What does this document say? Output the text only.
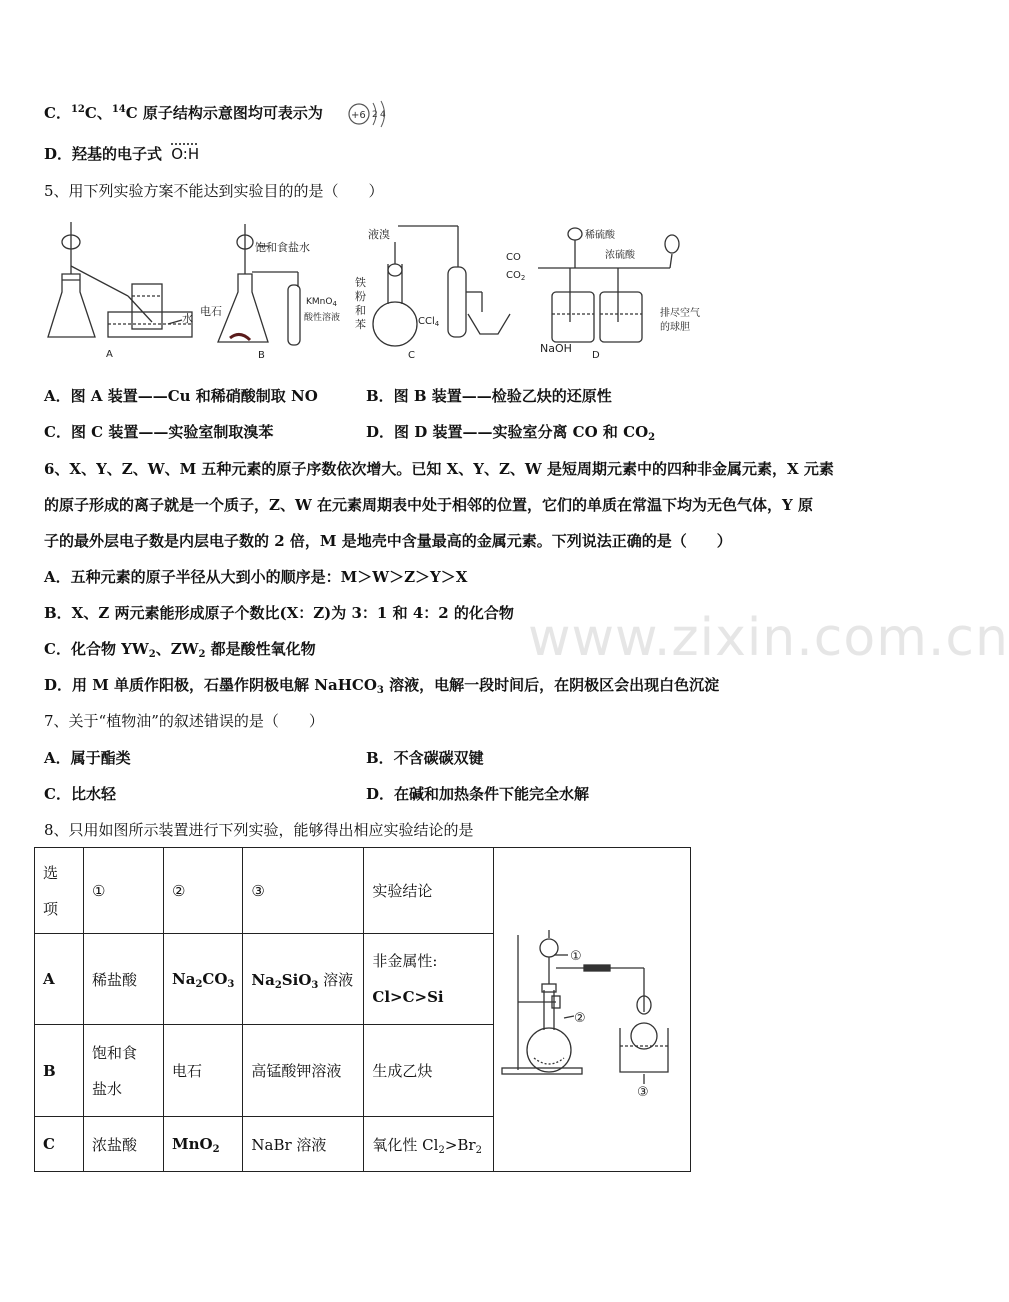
C．$^{12}$C、$^{14}$C 原子结构示意图均可表示为	+6 2 4
D．羟基的电子式 O:H
5、用下列实验方案不能达到实验目的的是（　　）
水
A
饱和食盐水
电石
KMnO$_4$
酸性溶液
B
液溴
铁
粉
和
苯	CCl$_4$
C
CO
$CO_2$
稀硫酸
浓硫酸
排尽空气
的球胆
NaOH
D
A．图 A 装置——Cu 和稀硝酸制取 NO	B．图 B 装置——检验乙炔的还原性
C．图 C 装置——实验室制取溴苯	D．图 D 装置——实验室分离 CO 和 $CO_2$
6、X、Y、Z、W、M 五种元素的原子序数依次增大。已知 X、Y、Z、W 是短周期元素中的四种非金属元素，X 元素
的原子形成的离子就是一个质子，Z、W 在元素周期表中处于相邻的位置，它们的单质在常温下均为无色气体，Y 原
子的最外层电子数是内层电子数的 2 倍，M 是地壳中含量最高的金属元素。下列说法正确的是（　　）
A．五种元素的原子半径从大到小的顺序是：M＞W＞Z＞Y＞X
B．X、Z 两元素能形成原子个数比(X：Z)为 3：1 和 4：2 的化合物
C．化合物 $YW_2$、$ZW_2$ 都是酸性氧化物
D．用 M 单质作阳极，石墨作阴极电解 NaHCO$_3$ 溶液，电解一段时间后，在阴极区会出现白色沉淀
www.zixin.com.cn
7、关于“植物油”的叙述错误的是（　　）
A．属于酯类	B．不含碳碳双键
C．比水轻	D．在碱和加热条件下能完全水解
8、只用如图所示装置进行下列实验，能够得出相应实验结论的是
选
项	①	②	③	实验结论	①
②
③

A	稀盐酸	$Na_2CO_3$	$Na_2SiO_3$ 溶液	非金属性:
Cl>C>Si	

B	饱和食
盐水	电石	高锰酸钾溶液	生成乙炔	
C	浓盐酸	MnO$_2$	NaBr 溶液	氧化性 $Cl_2>Br_2$
